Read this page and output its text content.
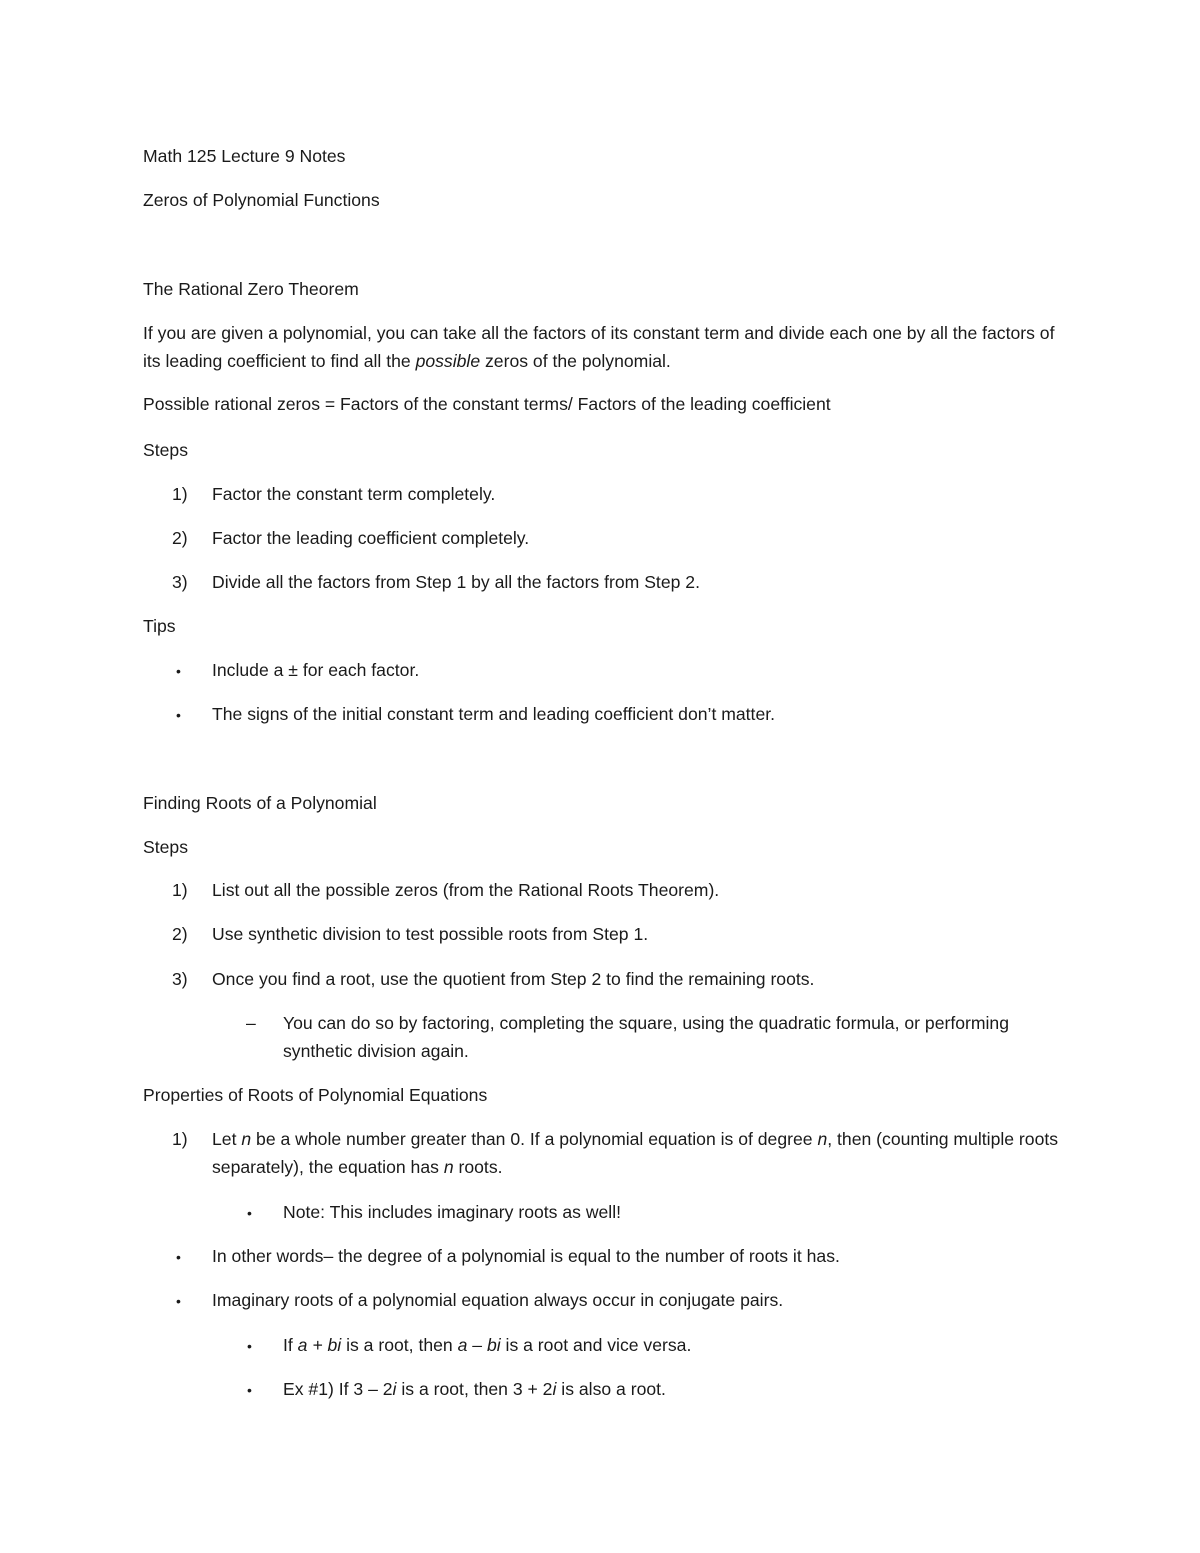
Math 125 Lecture 9 Notes
Zeros of Polynomial Functions
The Rational Zero Theorem
If you are given a polynomial, you can take all the factors of its constant term and divide each one by all the factors of its leading coefficient to find all the possible zeros of the polynomial.
Possible rational zeros = Factors of the constant terms/ Factors of the leading coefficient
Steps
1) Factor the constant term completely.
2) Factor the leading coefficient completely.
3) Divide all the factors from Step 1 by all the factors from Step 2.
Tips
• Include a ± for each factor.
• The signs of the initial constant term and leading coefficient don’t matter.
Finding Roots of a Polynomial
Steps
1) List out all the possible zeros (from the Rational Roots Theorem).
2) Use synthetic division to test possible roots from Step 1.
3) Once you find a root, use the quotient from Step 2 to find the remaining roots.
– You can do so by factoring, completing the square, using the quadratic formula, or performing synthetic division again.
Properties of Roots of Polynomial Equations
1) Let n be a whole number greater than 0. If a polynomial equation is of degree n, then (counting multiple roots separately), the equation has n roots.
• Note: This includes imaginary roots as well!
• In other words– the degree of a polynomial is equal to the number of roots it has.
• Imaginary roots of a polynomial equation always occur in conjugate pairs.
• If a + bi is a root, then a – bi is a root and vice versa.
• Ex #1) If 3 – 2i is a root, then 3 + 2i is also a root.
